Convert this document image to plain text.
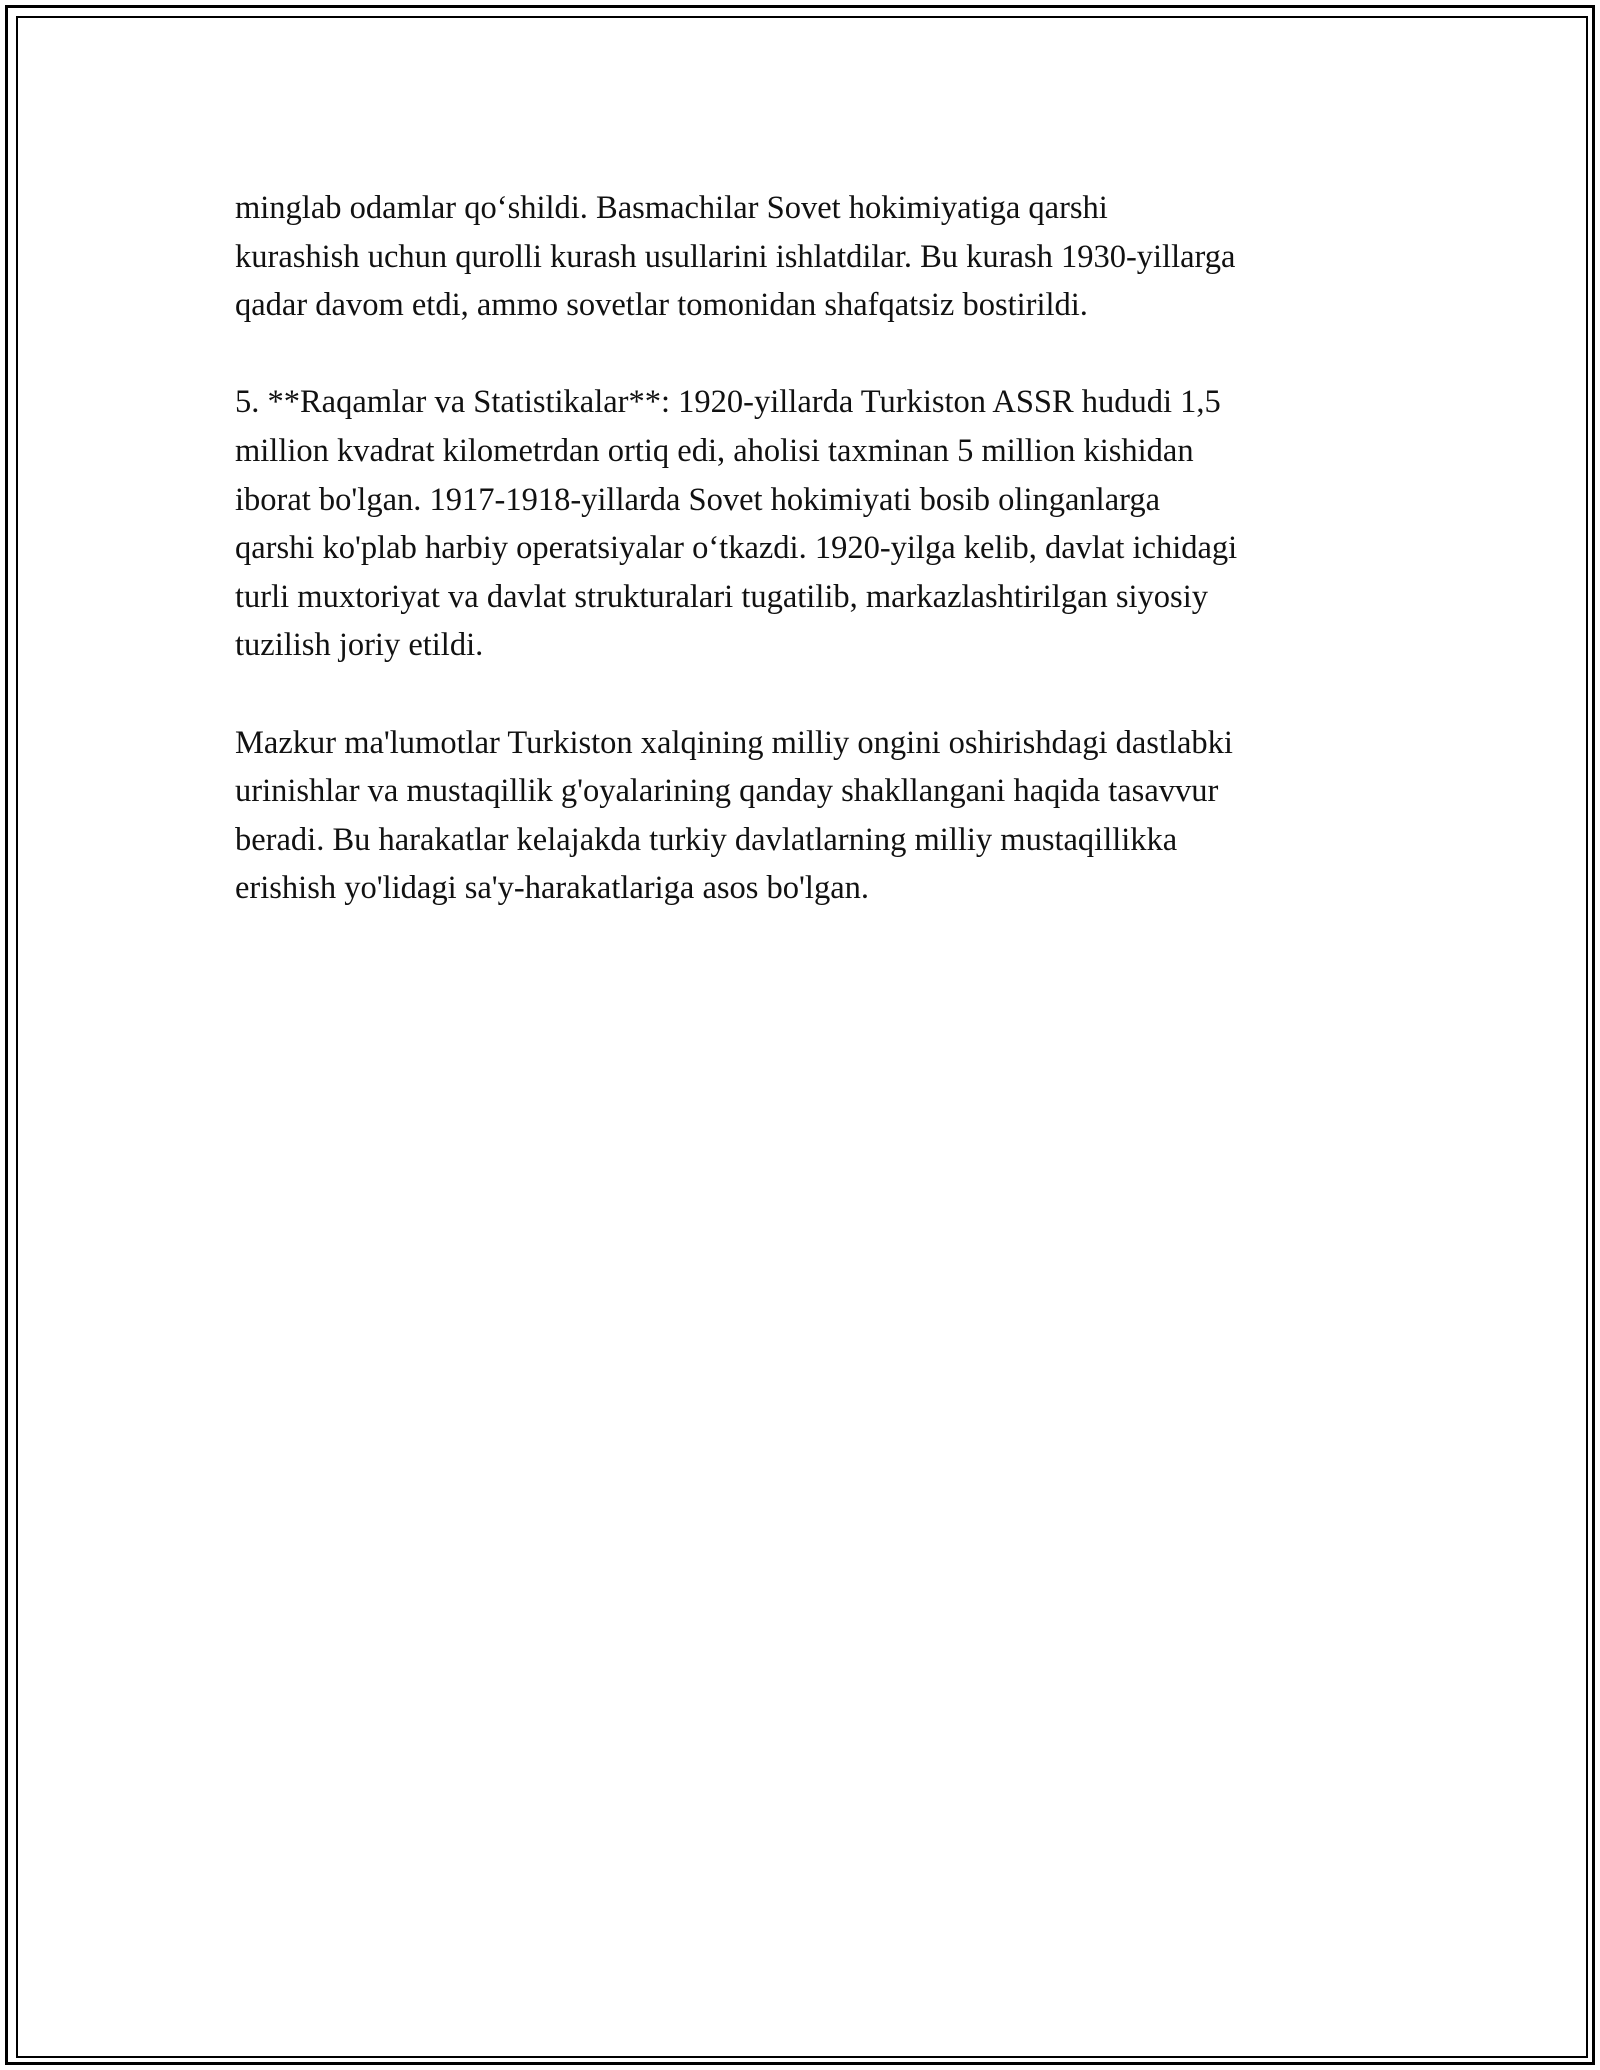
minglab odamlar qo‘shildi. Basmachilar Sovet hokimiyatiga qarshi
kurashish uchun qurolli kurash usullarini ishlatdilar. Bu kurash 1930-yillarga
qadar davom etdi, ammo sovetlar tomonidan shafqatsiz bostirildi.

5. **Raqamlar va Statistikalar**: 1920-yillarda Turkiston ASSR hududi 1,5
million kvadrat kilometrdan ortiq edi, aholisi taxminan 5 million kishidan
iborat bo'lgan. 1917-1918-yillarda Sovet hokimiyati bosib olinganlarga
qarshi ko'plab harbiy operatsiyalar o‘tkazdi. 1920-yilga kelib, davlat ichidagi
turli muxtoriyat va davlat strukturalari tugatilib, markazlashtirilgan siyosiy
tuzilish joriy etildi.

Mazkur ma'lumotlar Turkiston xalqining milliy ongini oshirishdagi dastlabki
urinishlar va mustaqillik g'oyalarining qanday shakllangani haqida tasavvur
beradi. Bu harakatlar kelajakda turkiy davlatlarning milliy mustaqillikka
erishish yo'lidagi sa'y-harakatlariga asos bo'lgan.
